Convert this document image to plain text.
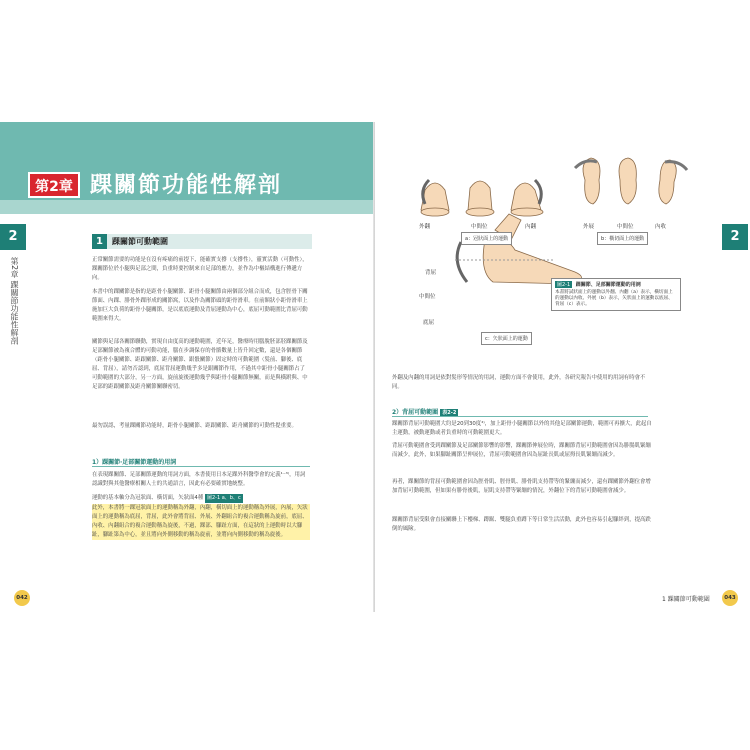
第2章 踝關節功能性解剖
2
第2章 踝關節功能性解剖
1	踝關節可動範圍

正常關節需要的功能是在沒有疼痛的前提下，能確實支撐（支撐性），靈實活動（可動性），踝關節位於小腿與足部之間，負重時要控制來自足部的應力，並作為中樞結構進行傳遞方向。

本書中的踝關節是指的是距骨小腿關節、距骨小腿關節由兩個部分組合而成，包含脛骨下關節面、內踝、腓骨外踝形成的關節窩，以及作為關節頭的距骨滑車。在前額狀小距骨滑車上施加巨大負荷的距骨小腿關節，是以底底運動及背屈運動為中心，底屈可動範圍比背屈可動範圍來得大。

關節與足部各關節聯動，實現自由度高的運動範圍，近年足，醫療時用腦脫胚部胫踝關節及足部關節被為複合體的可動功能，腦在步調保存的骨骼數量上皆升回定數，還是各個關節（距骨小腿關節、距跟關節、距舟關節、跟骰關節）固定時的可動範圍（髮前、腳後、底屈、背屈），請勿否認到，底屈背屈運動幾乎多是跟關節作用，不過其中距骨小腿關節占了可動範圍的大部分，另一方面，旋前旋後運動幾乎與距骨小腿關節無關，而是與橫跗與、中足部的距跟關節及距舟關節關聯密切。

最勿誤認，考量踝關節功能時，距骨小腿關節、距跟關節、距舟關節的可動性提重要。

1）踝關節‧足部關節運動的用詞

在表現踝關節、足部關節運動的用詞方面，本書使用日本足踝外科醫學會的定義¹⁻³⁾，用詞認識對與其他醫療相關人士的共通語言，因此有必要確實地統整。

運動的基本軸分為冠狀面、橫切面，矢狀面4種 圖2-1 a、b、c

此外，本書將一踝冠狀面上的運動稱為外翻，內翻，橫切面上的運動稱為外展，內展，矢狀面上的運動稱為底屈，背屈，此外會將背屈、外展、外翻組合的複合運動稱為旋前，底屈、內收、內翻組合的複合運動稱為旋後，不過，踝部、腳趾方面，在這狀的上運動時以大腳趾，腳趾第為中心，並且將向外側移動的稱為旋前，並將向內側移動的稱為旋後。

042
2
外翻	中間位	內翻
a：冠狀面上的運動
外展	中間位	內收
b：橫切面上的運動
背屈
中間位
底屈
c：矢狀面上的運動
圖2-1 踝關節、足部關節運動的用詞
本書將試狀面上的運動以外翻、內翻（a）表示，橫切面上的運動以內收、外展（b）表示，矢狀面上的運動以底屈、背屈（c）表示。

外翻及內翻的用詞是依對髮形等情況的用詞，運動方面不會使用，此外，各研究報告中使用的用詞有時會不同。

2）背屈可動範圍 表2-2

踝關節背屈可動範圍大約是20到30度⁴⁾，加上距骨小腿關節以外的其他足部關節運動，範圍可再擴大，此起自主運動，被動運動或者負重時的可動範圍更大。

背屈可動範圍會受到踝關節及足部關節影響的影響，踝關節伸展位時，踝關節背屈可動範圍會因為腓腸肌緊繃而減少，此外，如果腳趾關節呈伸展位，背屈可動範圍會因為屈趾長肌或屈拇長肌緊繃而減少。

再者，踝關節的背屈可動範圍會因為脛骨肌、脛骨肌、腓骨肌支持帶等的緊繃而減少，還有踝關節外翻位會增加背屈可動範圍，但如果有腓骨後肌，屈肌支持帶等緊繃的情況，外翻位下的背屈可動範圍會減少。

踝關節背屈受限會直接關聯上下樓梯、蹲踞、雙腿負重蹲下等日常生活活動，此外也容易引起腳絆到，提高跌倒的風險。

1 踝關節可動範圍	043
